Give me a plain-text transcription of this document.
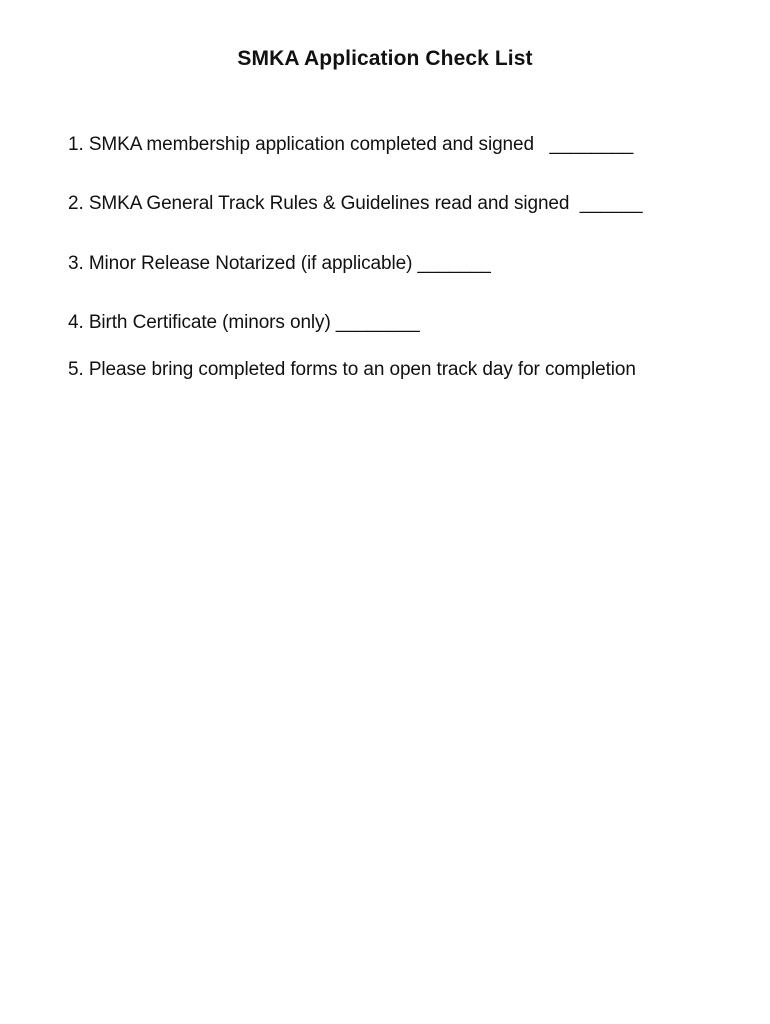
SMKA Application Check List
1. SMKA membership application completed and signed   ________
2. SMKA General Track Rules & Guidelines read and signed  ______
3. Minor Release Notarized (if applicable) _______
4. Birth Certificate (minors only) ________
5. Please bring completed forms to an open track day for completion
